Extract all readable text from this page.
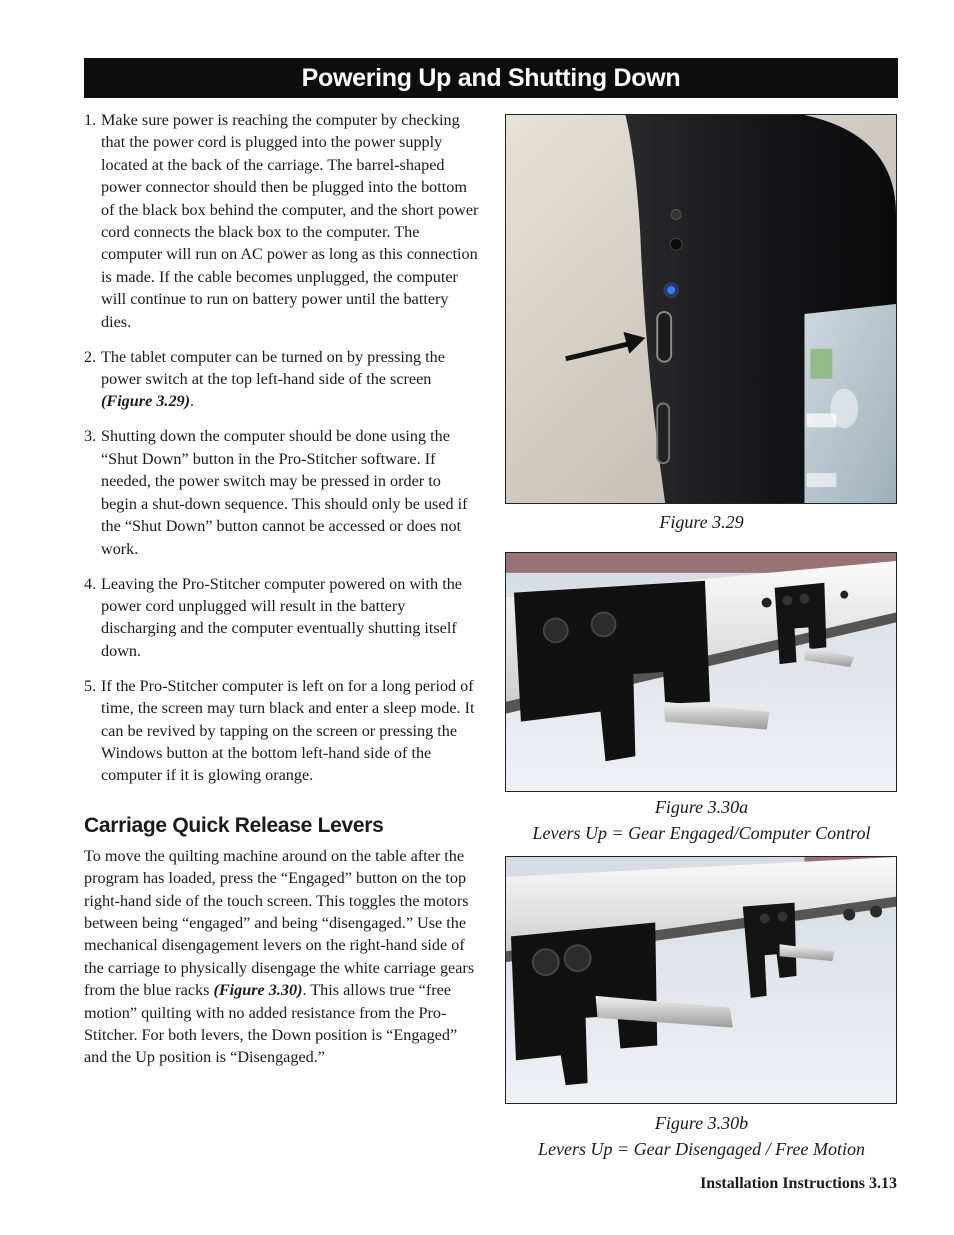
Powering Up and Shutting Down
1. Make sure power is reaching the computer by checking that the power cord is plugged into the power supply located at the back of the carriage. The barrel-shaped power connector should then be plugged into the bottom of the black box behind the computer, and the short power cord connects the black box to the computer. The computer will run on AC power as long as this connection is made. If the cable becomes unplugged, the computer will continue to run on battery power until the battery dies.
2. The tablet computer can be turned on by pressing the power switch at the top left-hand side of the screen (Figure 3.29).
3. Shutting down the computer should be done using the “Shut Down” button in the Pro-Stitcher software. If needed, the power switch may be pressed in order to begin a shut-down sequence. This should only be used if the “Shut Down” button cannot be accessed or does not work.
4. Leaving the Pro-Stitcher computer powered on with the power cord unplugged will result in the battery discharging and the computer eventually shutting itself down.
5. If the Pro-Stitcher computer is left on for a long period of time, the screen may turn black and enter a sleep mode. It can be revived by tapping on the screen or pressing the Windows button at the bottom left-hand side of the computer if it is glowing orange.
Carriage Quick Release Levers

To move the quilting machine around on the table after the program has loaded, press the “Engaged” button on the top right-hand side of the touch screen. This toggles the motors between being “engaged” and being “disengaged.” Use the mechanical disengagement levers on the right-hand side of the carriage to physically disengage the white carriage gears from the blue racks (Figure 3.30). This allows true “free motion” quilting with no added resistance from the Pro-Stitcher. For both levers, the Down position is “Engaged” and the Up position is “Disengaged.”

Figure 3.29
Figure 3.30a
Levers Up = Gear Engaged/Computer Control
Figure 3.30b
Levers Up = Gear Disengaged / Free Motion
Installation Instructions 3.13
